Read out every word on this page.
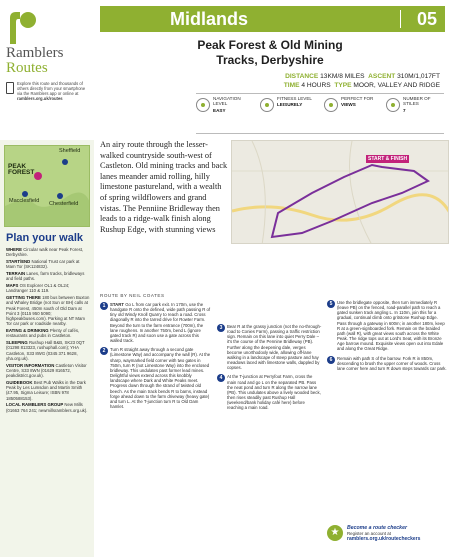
Ramblers
Routes
Explore this route and thousands of others directly from your smartphone via the Ramblers app or online at ramblers.org.uk/routes
Sheffield
PEAK FOREST
Macclesfield Chesterfield
Plan your walk

WHERE Circular walk near Peak Forest, Derbyshire.

START/END National Trust car park at Mam Tor (SK124832).

TERRAIN Lanes, farm tracks, bridleways and field paths.

MAPS OS Explorer OL1 & OL24; Landranger 110 & 119.

GETTING THERE 180 bus between Buxton and Whaley Bridge (not Sun or BH) calls at Peak Forest, 450m south of Old Dam at Point 3 (0115 950 5090; highpeakbuses.com). Parking at NT Mam Tor car park or roadside nearby.

EATING & DRINKING Plenty of cafés, restaurants and pubs in Castleton.

SLEEPING Rushup Hall B&B, SK23 0QT (01298 813323, rushuphall.com); YHA Castleton, S33 8WG (0345 371 9628, yha.org.uk).

VISITOR INFORMATION Castleton Visitor Centre, S33 8WN (01629 816572, peakdistrict.gov.uk).

GUIDEBOOK Best Pub Walks in the Dark Peak by Les Lumsdon and Martin Smith (£7.95, Sigma Leisure; ISBN 978 1850588153).

LOCAL RAMBLERS GROUP New Mills (01663 764 241; newmillsramblers.org.uk).

Midlands	05
Peak Forest & Old Mining
Tracks, Derbyshire
DISTANCE 13KM/8 MILES ASCENT 310M/1,017FT
TIME 4 HOURS TYPE MOOR, VALLEY AND RIDGE
NAVIGATION LEVEL
EASY
FITNESS LEVEL
LEISURELY
PERFECT FOR
VIEWS
NUMBER OF STILES
7
START & FINISH
An airy route through the lesser-walked countryside south-west of Castleton. Old mining tracks and back lanes meander amid rolling, hilly limestone pastureland, with a wealth of spring wildflowers and grand vistas. The Penniine Bridleway then leads to a ridge-walk finish along Rushup Edge, with stunning views
ROUTE BY NEIL COATES
1	START Go L from car park exit. In 170m, use the handgate R onto the defined, wide path passing R of tiny old Windy Knoll Quarry to reach a road. Cross diagonally R into the tarred drive for Rowter Farm. Beyond the turn to the farm entrance (700m), the lane roughens. In another 750m, bend L (ignore gated track R) and soon use a gate across this walled track.
2	Turn R straight away through a second gate (Limestone Way) and accompany the wall (R). At the sharp, waymarked field corner with two gates in 750m, turn R (not Limestone Way) into the enclosed bridleway. This undulates past former lead mines. Delightful views extend across this knobbly landscape where Dark and White Peaks meet. Progress down through the strand of twisted old beech. As the main track bends R to barns, instead forge ahead down to the farm driveway (heavy gate) and turn L. At the T-junction turn R to Old Dam hamlet.
3	Bear R at the grassy junction (not the no-through-road to Conies Farm), passing a traffic restriction sign. Remain on this lane into quiet Perry Dale – it's the course of the Pennine Bridleway (PB). Further along the deepening dale, verges become unorthodoxly wide, allowing off-lane walking in a landscape of steep pasture and hay meadows laced with limestone walls, dappled by copses.
4	At the T-junction at Perryfoot Farm, cross the main road and go L on the separated PB. Pass the neat pond and turn R along the narrow lane (PB). This undulates above a lively wooded beck, then rises steadily past Rushup Hall (weekend/bank holiday café here) before reaching a main road.
5	Use the bridlegate opposite, then turn immediately R (leave PB) on the fenced, road-parallel path to reach a gated sunken track angling L. In 110m, join this for a gradual, continual climb onto gritstone Rushup Edge. Pass through a gateway in 600m; in another 180m, keep R at a green-signboarded fork. Remain on the braided path (wall R), with great views south across the White Peak. The ridge tops out at Lord's Seat, with its Bronze Age barrow mound. Exquisite views open out into Edale and along the Great Ridge.
6	Remain with path S of the barrow. Fork R in 850m, descending to brush the upper corner of woods. Cross lane corner here and turn R down steps towards car park.
★	Become a route checker
Register an account at
ramblers.org.uk/routecheckers
